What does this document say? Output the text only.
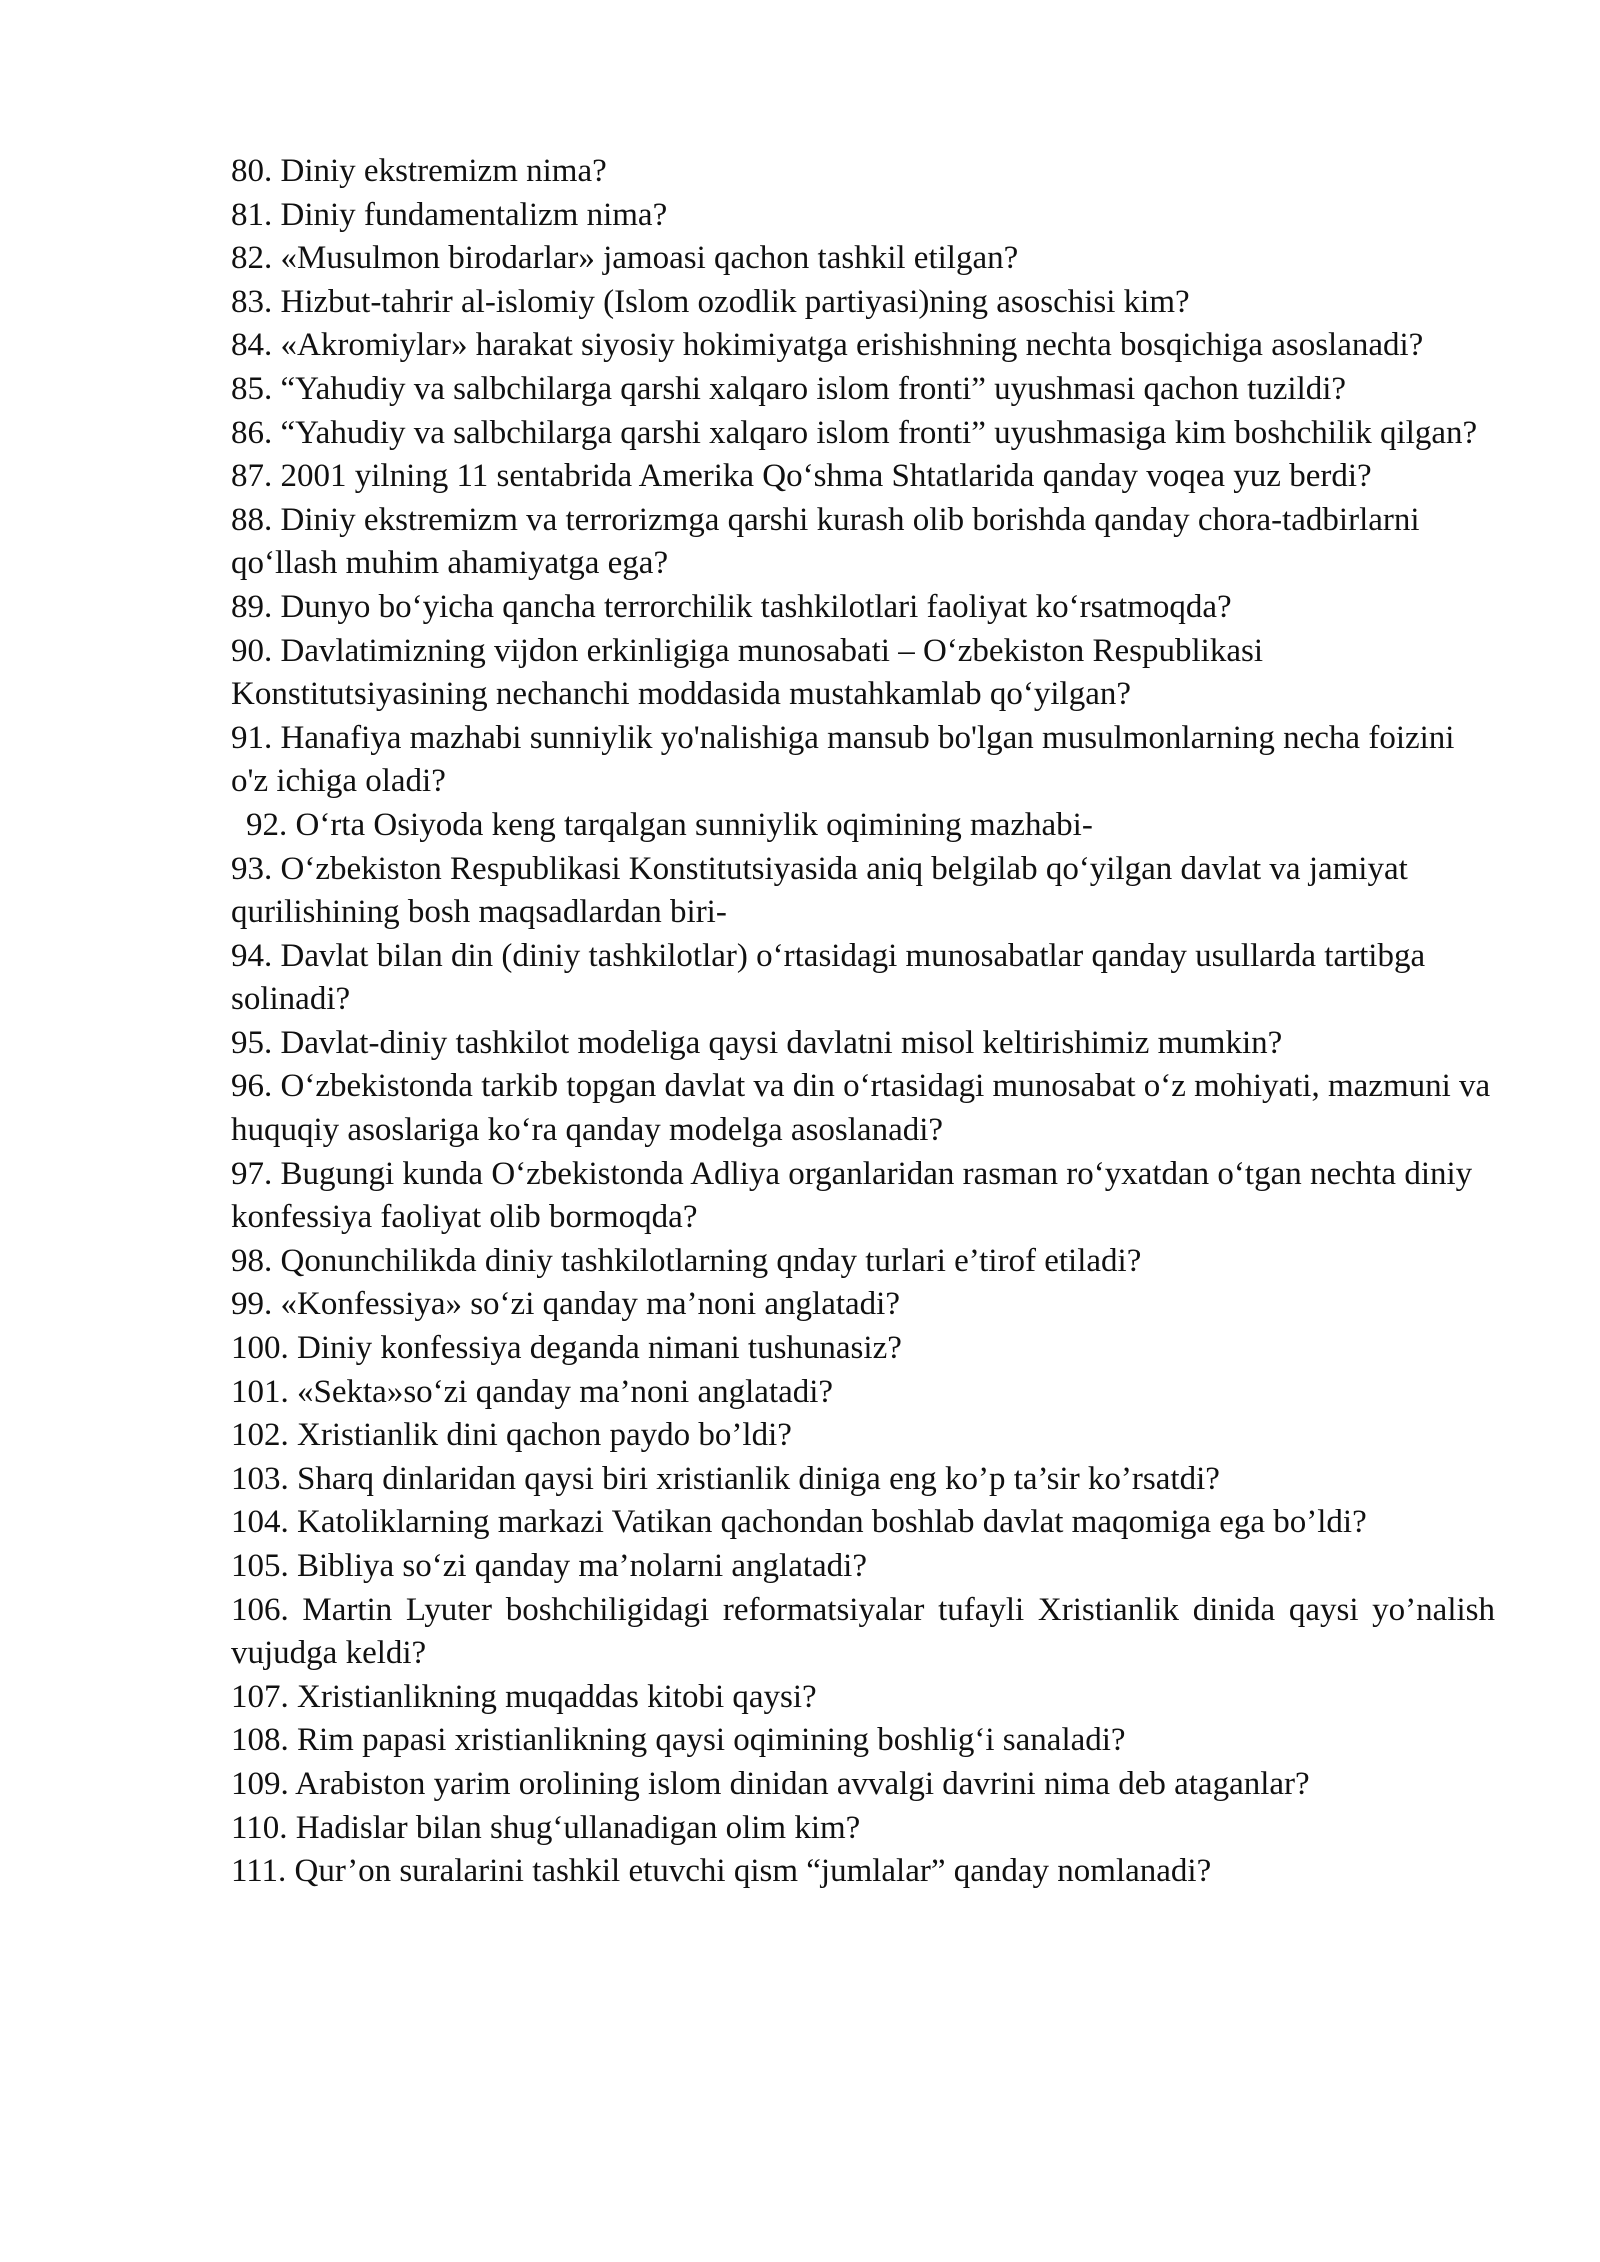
80. Diniy ekstremizm nima?

81. Diniy fundamentalizm nima?

82. «Musulmon birodarlar» jamoasi qachon tashkil etilgan?

83. Hizbut-tahrir al-islomiy (Islom ozodlik partiyasi)ning asoschisi kim?

84. «Akromiylar» harakat siyosiy hokimiyatga erishishning nechta bosqichiga asoslanadi?

85. “Yahudiy va salbchilarga qarshi xalqaro islom fronti” uyushmasi qachon tuzildi?

86. “Yahudiy va salbchilarga qarshi xalqaro islom fronti” uyushmasiga kim boshchilik qilgan?

87. 2001 yilning 11 sentabrida Amerika Qo‘shma Shtatlarida qanday voqea yuz berdi?

88. Diniy ekstremizm va terrorizmga qarshi kurash olib borishda qanday chora-tadbirlarni qo‘llash muhim ahamiyatga ega?

89. Dunyo bo‘yicha qancha terrorchilik tashkilotlari faoliyat ko‘rsatmoqda?

90. Davlatimizning vijdon erkinligiga munosabati – O‘zbekiston Respublikasi Konstitutsiyasining nechanchi moddasida mustahkamlab qo‘yilgan?

91. Hanafiya mazhabi sunniylik yo'nalishiga mansub bo'lgan musulmonlarning necha foizini o'z ichiga oladi?

92. O‘rta Osiyoda keng tarqalgan sunniylik oqimining mazhabi-

93. O‘zbekiston Respublikasi Konstitutsiyasida aniq belgilab qo‘yilgan davlat va jamiyat qurilishining bosh maqsadlardan biri-

94. Davlat bilan din (diniy tashkilotlar) o‘rtasidagi munosabatlar qanday usullarda tartibga solinadi?

95. Davlat-diniy tashkilot modeliga qaysi davlatni misol keltirishimiz mumkin?

96. O‘zbekistonda tarkib topgan davlat va din o‘rtasidagi munosabat o‘z mohiyati, mazmuni va huquqiy asoslariga ko‘ra qanday modelga asoslanadi?

97. Bugungi kunda O‘zbekistonda Adliya organlaridan rasman ro‘yxatdan o‘tgan nechta diniy konfessiya faoliyat olib bormoqda?

98. Qonunchilikda diniy tashkilotlarning qnday turlari e’tirof etiladi?

99. «Konfessiya» so‘zi qanday ma’noni anglatadi?

100. Diniy konfessiya deganda nimani tushunasiz?

101. «Sekta»so‘zi qanday ma’noni anglatadi?

102. Xristianlik dini qachon paydo bo’ldi?

103. Sharq dinlaridan qaysi biri xristianlik diniga eng ko’p ta’sir ko’rsatdi?

104. Katoliklarning markazi Vatikan qachondan boshlab davlat maqomiga ega bo’ldi?

105. Bibliya so‘zi qanday ma’nolarni anglatadi?

106. Martin Lyuter boshchiligidagi reformatsiyalar tufayli Xristianlik dinida qaysi yo’nalish vujudga keldi?

107. Xristianlikning muqaddas kitobi qaysi?

108. Rim papasi xristianlikning qaysi oqimining boshlig‘i sanaladi?

109. Arabiston yarim orolining islom dinidan avvalgi davrini nima deb ataganlar?

110. Hadislar bilan shug‘ullanadigan olim kim?

111. Qur’on suralarini tashkil etuvchi qism “jumlalar” qanday nomlanadi?
